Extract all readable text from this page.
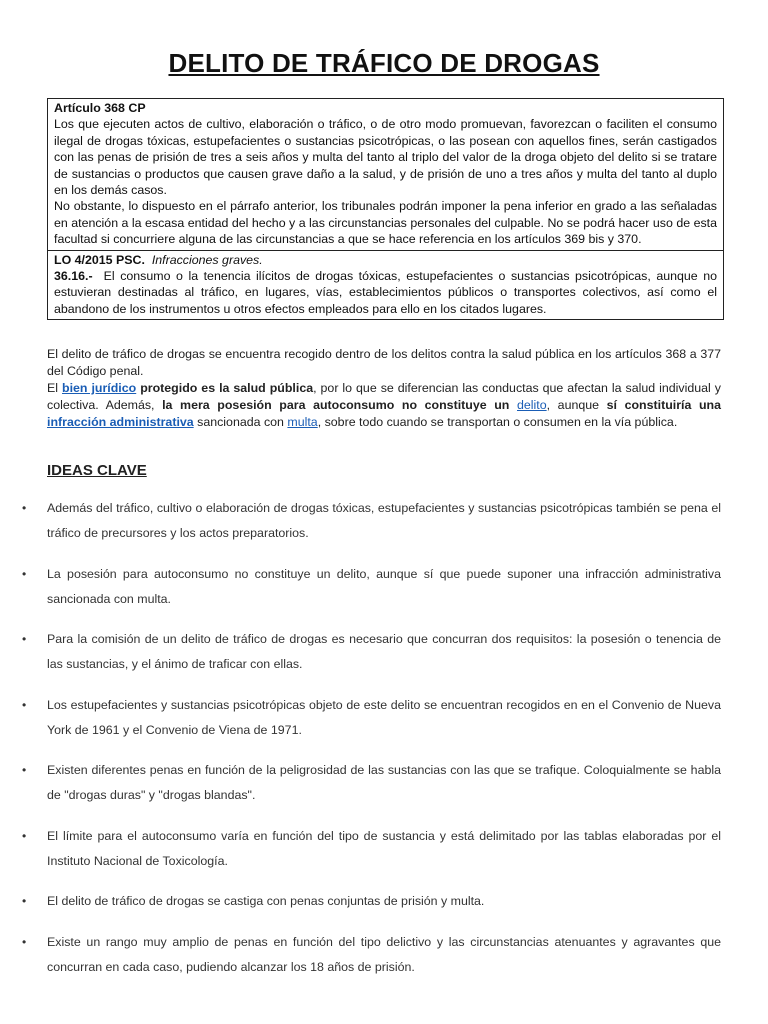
DELITO DE TRÁFICO DE DROGAS

Artículo 368 CP

Los que ejecuten actos de cultivo, elaboración o tráfico, o de otro modo promuevan, favorezcan o faciliten el consumo ilegal de drogas tóxicas, estupefacientes o sustancias psicotrópicas, o las posean con aquellos fines, serán castigados con las penas de prisión de tres a seis años y multa del tanto al triplo del valor de la droga objeto del delito si se tratare de sustancias o productos que causen grave daño a la salud, y de prisión de uno a tres años y multa del tanto al duplo en los demás casos.

No obstante, lo dispuesto en el párrafo anterior, los tribunales podrán imponer la pena inferior en grado a las señaladas en atención a la escasa entidad del hecho y a las circunstancias personales del culpable. No se podrá hacer uso de esta facultad si concurriere alguna de las circunstancias a que se hace referencia en los artículos 369 bis y 370.

LO 4/2015 PSC. Infracciones graves.

36.16.- El consumo o la tenencia ilícitos de drogas tóxicas, estupefacientes o sustancias psicotrópicas, aunque no estuvieran destinadas al tráfico, en lugares, vías, establecimientos públicos o transportes colectivos, así como el abandono de los instrumentos u otros efectos empleados para ello en los citados lugares.

El delito de tráfico de drogas se encuentra recogido dentro de los delitos contra la salud pública en los artículos 368 a 377 del Código penal.

El bien jurídico protegido es la salud pública, por lo que se diferencian las conductas que afectan la salud individual y colectiva. Además, la mera posesión para autoconsumo no constituye un delito, aunque sí constituiría una infracción administrativa sancionada con multa, sobre todo cuando se transportan o consumen en la vía pública.

IDEAS CLAVE
• Además del tráfico, cultivo o elaboración de drogas tóxicas, estupefacientes y sustancias psicotrópicas también se pena el tráfico de precursores y los actos preparatorios.
• La posesión para autoconsumo no constituye un delito, aunque sí que puede suponer una infracción administrativa sancionada con multa.
• Para la comisión de un delito de tráfico de drogas es necesario que concurran dos requisitos: la posesión o tenencia de las sustancias, y el ánimo de traficar con ellas.
• Los estupefacientes y sustancias psicotrópicas objeto de este delito se encuentran recogidos en en el Convenio de Nueva York de 1961 y el Convenio de Viena de 1971.
• Existen diferentes penas en función de la peligrosidad de las sustancias con las que se trafique. Coloquialmente se habla de "drogas duras" y "drogas blandas".
• El límite para el autoconsumo varía en función del tipo de sustancia y está delimitado por las tablas elaboradas por el Instituto Nacional de Toxicología.
• El delito de tráfico de drogas se castiga con penas conjuntas de prisión y multa.
• Existe un rango muy amplio de penas en función del tipo delictivo y las circunstancias atenuantes y agravantes que concurran en cada caso, pudiendo alcanzar los 18 años de prisión.
